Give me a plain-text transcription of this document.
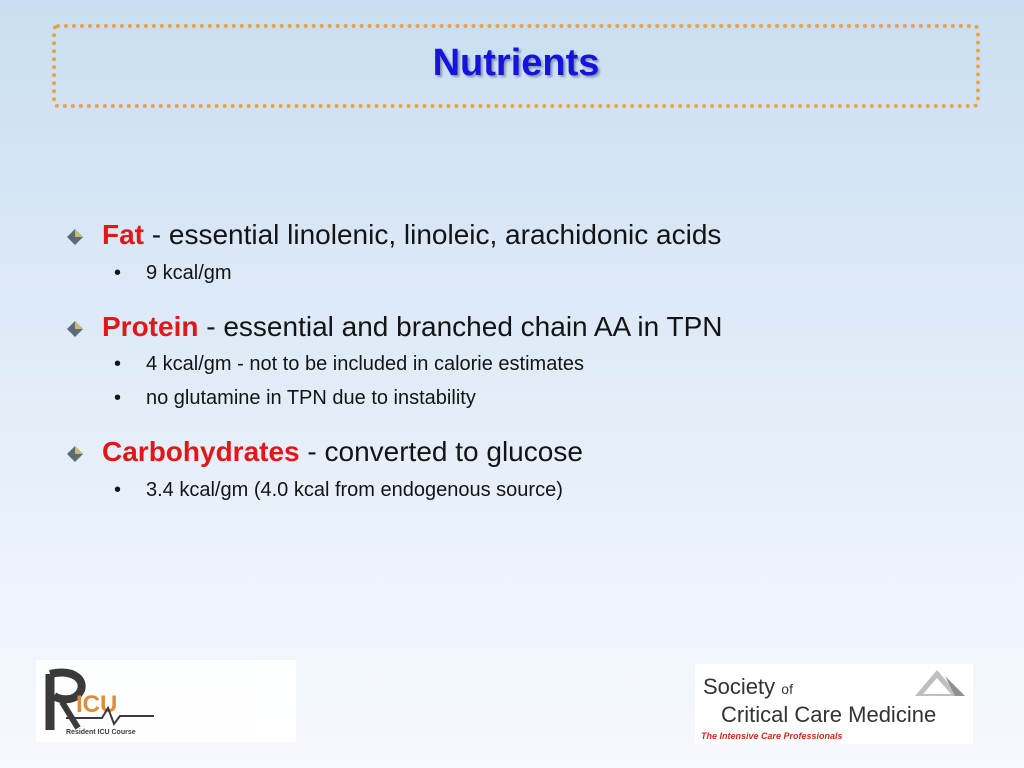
Nutrients
Fat - essential linolenic, linoleic, arachidonic acids
• 9 kcal/gm
Protein - essential and branched chain AA in TPN
• 4 kcal/gm - not to be included in calorie estimates
• no glutamine in TPN due to instability
Carbohydrates - converted to glucose
• 3.4 kcal/gm (4.0 kcal from endogenous source)
ICU
Resident ICU Course
Society of
Critical Care Medicine
The Intensive Care Professionals
